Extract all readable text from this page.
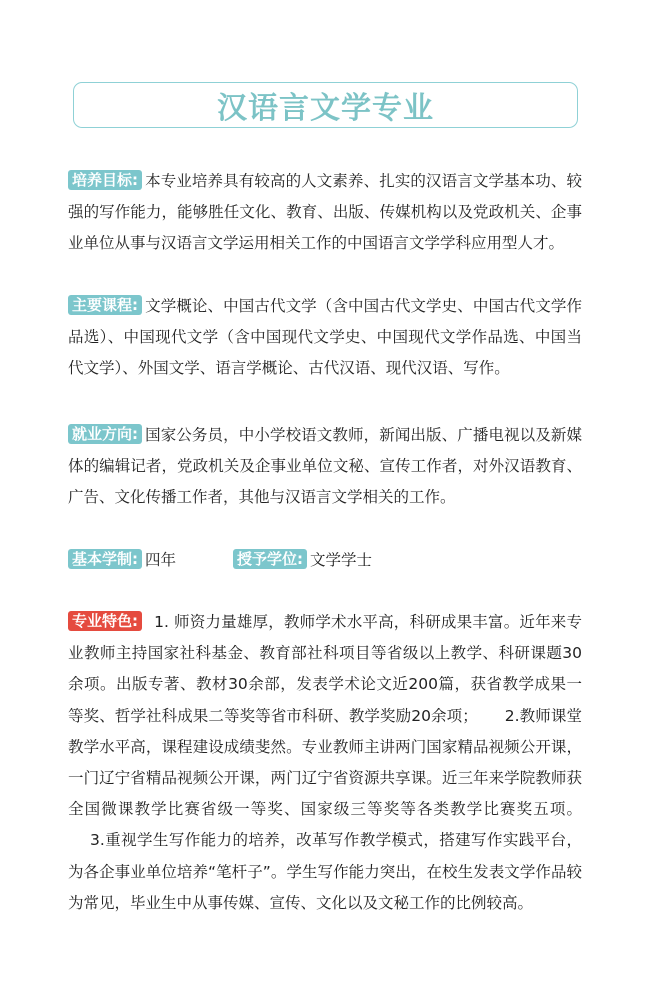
汉语言文学专业
培养目标: 本专业培养具有较高的人文素养、扎实的汉语言文学基本功、较强的写作能力，能够胜任文化、教育、出版、传媒机构以及党政机关、企事业单位从事与汉语言文学运用相关工作的中国语言文学学科应用型人才。
主要课程: 文学概论、中国古代文学（含中国古代文学史、中国古代文学作品选）、中国现代文学（含中国现代文学史、中国现代文学作品选、中国当代文学）、外国文学、语言学概论、古代汉语、现代汉语、写作。
就业方向: 国家公务员，中小学校语文教师，新闻出版、广播电视以及新媒体的编辑记者，党政机关及企事业单位文秘、宣传工作者，对外汉语教育、广告、文化传播工作者，其他与汉语言文学相关的工作。
基本学制: 四年	授予学位: 文学学士
专业特色: 1. 师资力量雄厚，教师学术水平高，科研成果丰富。近年来专业教师主持国家社科基金、教育部社科项目等省级以上教学、科研课题30余项。出版专著、教材30余部，发表学术论文近200篇，获省教学成果一等奖、哲学社科成果二等奖等省市科研、教学奖励20余项； 2.教师课堂教学水平高，课程建设成绩斐然。专业教师主讲两门国家精品视频公开课，一门辽宁省精品视频公开课，两门辽宁省资源共享课。近三年来学院教师获全国微课教学比赛省级一等奖、国家级三等奖等各类教学比赛奖五项。 3.重视学生写作能力的培养，改革写作教学模式，搭建写作实践平台，为各企事业单位培养“笔杆子”。学生写作能力突出，在校生发表文学作品较为常见，毕业生中从事传媒、宣传、文化以及文秘工作的比例较高。
